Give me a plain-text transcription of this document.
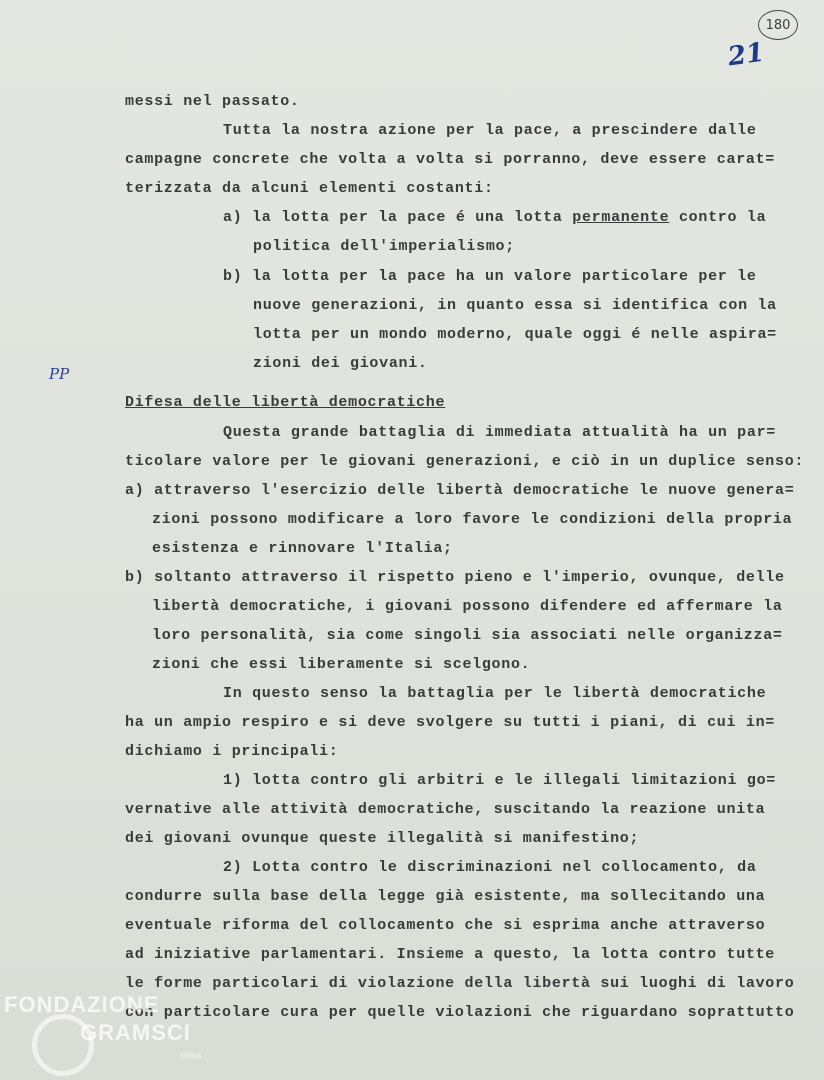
180
21
PP

messi nel passato.

Tutta la nostra azione per la pace, a prescindere dalle

campagne concrete che volta a volta si porranno, deve essere carat=

terizzata da alcuni elementi costanti:

a) la lotta per la pace é una lotta permanente contro la

politica dell'imperialismo;

b) la lotta per la pace ha un valore particolare per le

nuove generazioni, in quanto essa si identifica con la

lotta per un mondo moderno, quale oggi é nelle aspira=

zioni dei giovani.

Difesa delle libertà democratiche

Questa grande battaglia di immediata attualità ha un par=

ticolare valore per le giovani generazioni, e ciò in un duplice senso:

a) attraverso l'esercizio delle libertà democratiche le nuove genera=

zioni possono modificare a loro favore le condizioni della propria

esistenza e rinnovare l'Italia;

b) soltanto attraverso il rispetto pieno e l'imperio, ovunque, delle

libertà democratiche, i giovani possono difendere ed affermare la

loro personalità, sia come singoli sia associati nelle organizza=

zioni che essi liberamente si scelgono.

In questo senso la battaglia per le libertà democratiche

ha un ampio respiro e si deve svolgere su tutti i piani, di cui in=

dichiamo i principali:

1) lotta contro gli arbitri e le illegali limitazioni go=

vernative alle attività democratiche, suscitando la reazione unita

dei giovani ovunque queste illegalità si manifestino;

2) Lotta contro le discriminazioni nel collocamento, da

condurre sulla base della legge già esistente, ma sollecitando una

eventuale riforma del collocamento che si esprima anche attraverso

ad iniziative parlamentari. Insieme a questo, la lotta contro tutte

le forme particolari di violazione della libertà sui luoghi di lavoro

con particolare cura per quelle violazioni che riguardano soprattutto

FONDAZIONE
GRAMSCI
onlus
